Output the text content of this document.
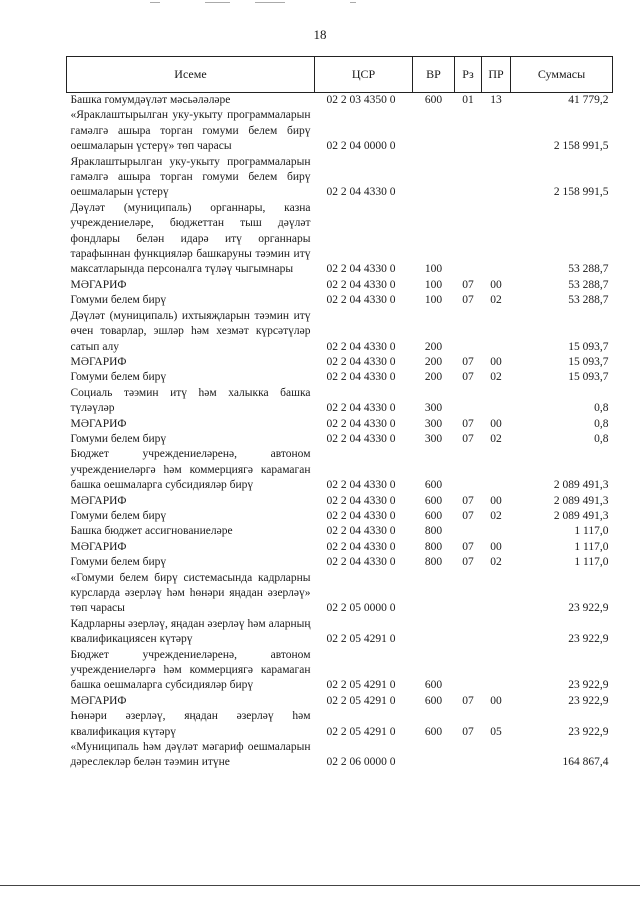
18
Исеме	ЦСР	ВР	Рз	ПР	Суммасы
Башка гомумдәүләт мәсьәләләре	02 2 03 4350 0	600	01	13	41 779,2
«Яраклаштырылган уку-укыту программаларын гамәлгә ашыра торган гомуми белем бирү оешмаларын үстерү» төп чарасы	02 2 04 0000 0				2 158 991,5
Яраклаштырылган уку-укыту программаларын гамәлгә ашыра торган гомуми белем бирү оешмаларын үстерү	02 2 04 4330 0				2 158 991,5
Дәүләт (муниципаль) органнары, казна учреждениеләре, бюджеттан тыш дәүләт фондлары белән идарә итү органнары тарафыннан функцияләр башкаруны тәэмин итү максатларында персоналга түләү чыгымнары	02 2 04 4330 0	100			53 288,7
МӘГАРИФ	02 2 04 4330 0	100	07	00	53 288,7
Гомуми белем бирү	02 2 04 4330 0	100	07	02	53 288,7
Дәүләт (муниципаль) ихтыяҗларын тәэмин итү өчен товарлар, эшләр һәм хезмәт күрсәтүләр сатып алу	02 2 04 4330 0	200			15 093,7
МӘГАРИФ	02 2 04 4330 0	200	07	00	15 093,7
Гомуми белем бирү	02 2 04 4330 0	200	07	02	15 093,7
Социаль тәэмин итү һәм халыкка башка түләүләр	02 2 04 4330 0	300			0,8
МӘГАРИФ	02 2 04 4330 0	300	07	00	0,8
Гомуми белем бирү	02 2 04 4330 0	300	07	02	0,8
Бюджет учреждениеләренә, автоном учреждениеләргә һәм коммерциягә карамаган башка оешмаларга субсидияләр бирү	02 2 04 4330 0	600			2 089 491,3
МӘГАРИФ	02 2 04 4330 0	600	07	00	2 089 491,3
Гомуми белем бирү	02 2 04 4330 0	600	07	02	2 089 491,3
Башка бюджет ассигнованиеләре	02 2 04 4330 0	800			1 117,0
МӘГАРИФ	02 2 04 4330 0	800	07	00	1 117,0
Гомуми белем бирү	02 2 04 4330 0	800	07	02	1 117,0
«Гомуми белем бирү системасында кадрларны курсларда әзерләү һәм һөнәри яңадан әзерләү» төп чарасы	02 2 05 0000 0				23 922,9
Кадрларны әзерләү, яңадан әзерләү һәм аларның квалификациясен күтәрү	02 2 05 4291 0				23 922,9
Бюджет учреждениеләренә, автоном учреждениеләргә һәм коммерциягә карамаган башка оешмаларга субсидияләр бирү	02 2 05 4291 0	600			23 922,9
МӘГАРИФ	02 2 05 4291 0	600	07	00	23 922,9
Һөнәри әзерләү, яңадан әзерләү һәм квалификация күтәрү	02 2 05 4291 0	600	07	05	23 922,9
«Муниципаль һәм дәүләт мәгариф оешмаларын дәреслекләр белән тәэмин итүне	02 2 06 0000 0				164 867,4
